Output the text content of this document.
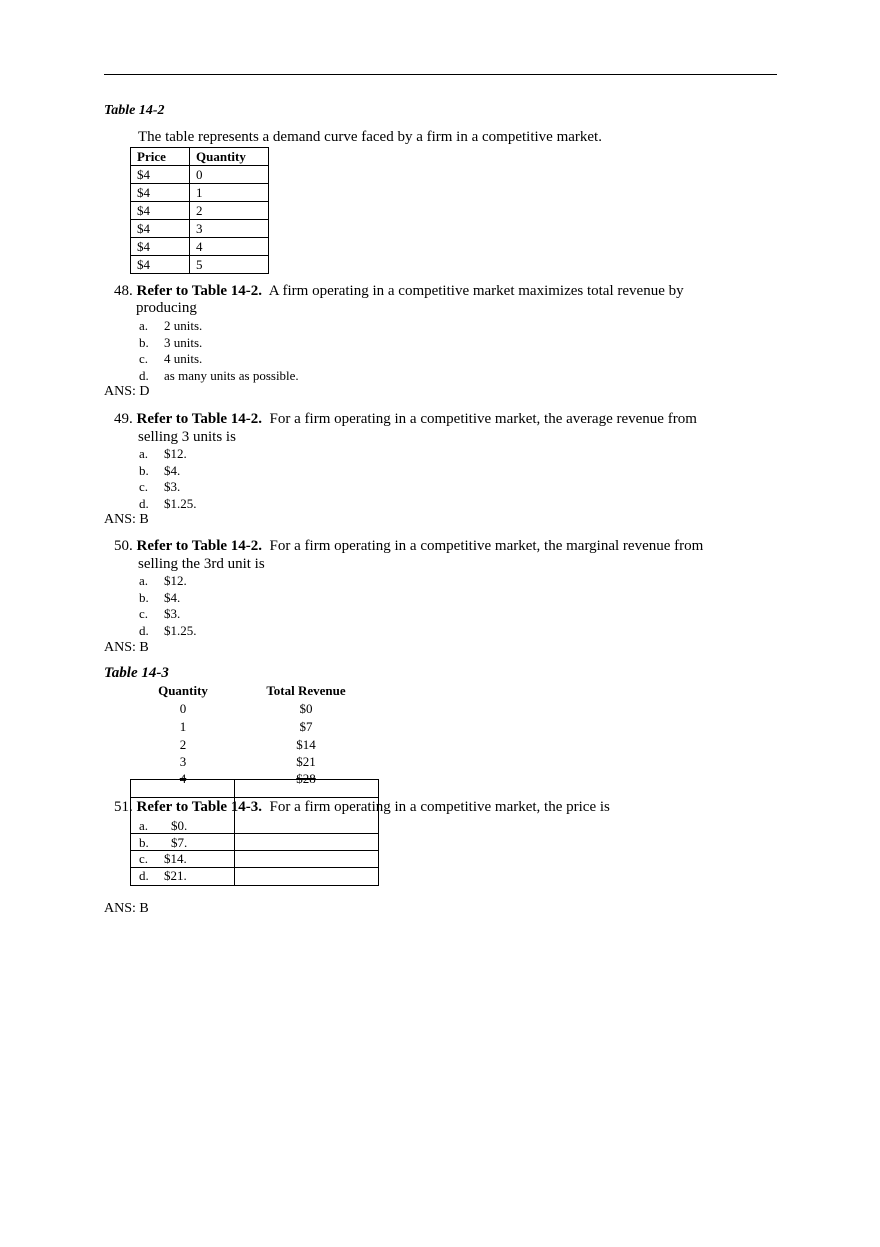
Table 14-2
The table represents a demand curve faced by a firm in a competitive market.
Price	Quantity
$4	0
$4	1
$4	2
$4	3
$4	4
$4	5
48. Refer to Table 14-2. A firm operating in a competitive market maximizes total revenue by
producing
a. 2 units.
b. 3 units.
c. 4 units.
d. as many units as possible.
ANS: D
49. Refer to Table 14-2. For a firm operating in a competitive market, the average revenue from
selling 3 units is
a. $12.
b. $4.
c. $3.
d. $1.25.
ANS: B
50. Refer to Table 14-2. For a firm operating in a competitive market, the marginal revenue from
selling the 3rd unit is
a. $12.
b. $4.
c. $3.
d. $1.25.
ANS: B
Table 14-3
Quantity	Total Revenue
0	$0
1	$7
2	$14
3	$21
4	$28
51. Refer to Table 14-3. For a firm operating in a competitive market, the price is
a. $0.
b. $7.
c. $14.
d. $21.
ANS: B
